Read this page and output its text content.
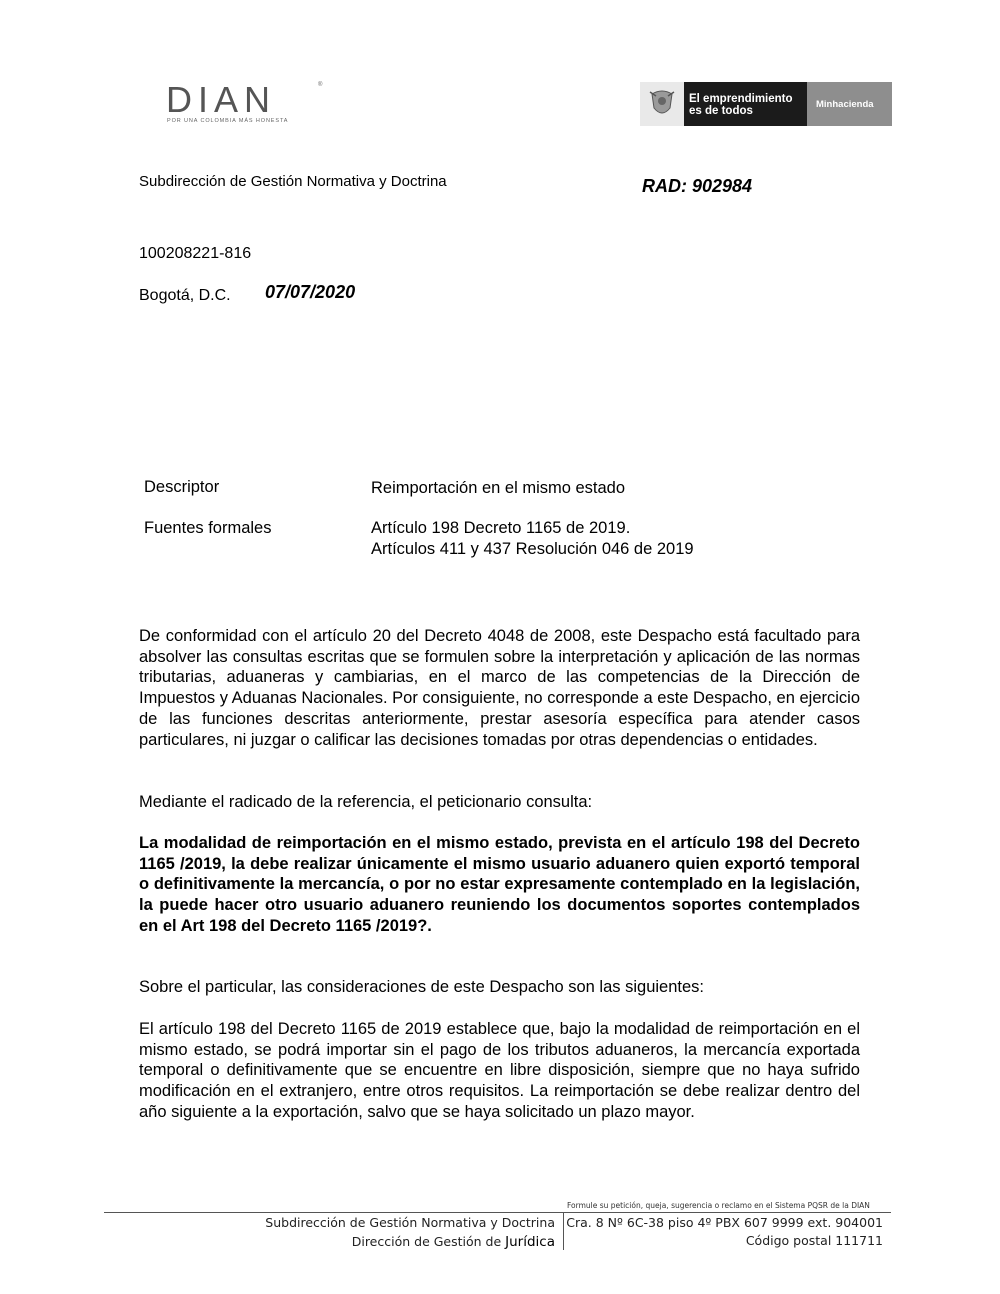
DIAN	®
POR UNA COLOMBIA MÁS HONESTA
El emprendimiento
es de todos
Minhacienda
Subdirección de Gestión Normativa y Doctrina	RAD: 902984
100208221-816
Bogotá, D.C. 07/07/2020
Descriptor	Reimportación en el mismo estado
Fuentes formales	Artículo 198 Decreto 1165 de 2019.
Artículos 411 y 437 Resolución 046 de 2019

De conformidad con el artículo 20 del Decreto 4048 de 2008, este Despacho está facultado para absolver las consultas escritas que se formulen sobre la interpretación y aplicación de las normas tributarias, aduaneras y cambiarias, en el marco de las competencias de la Dirección de Impuestos y Aduanas Nacionales. Por consiguiente, no corresponde a este Despacho, en ejercicio de las funciones descritas anteriormente, prestar asesoría específica para atender casos particulares, ni juzgar o calificar las decisiones tomadas por otras dependencias o entidades.

Mediante el radicado de la referencia, el peticionario consulta:

La modalidad de reimportación en el mismo estado, prevista en el artículo 198 del Decreto 1165 /2019, la debe realizar únicamente el mismo usuario aduanero quien exportó temporal o definitivamente la mercancía, o por no estar expresamente contemplado en la legislación, la puede hacer otro usuario aduanero reuniendo los documentos soportes contemplados en el Art 198 del Decreto 1165 /2019?.

Sobre el particular, las consideraciones de este Despacho son las siguientes:

El artículo 198 del Decreto 1165 de 2019 establece que, bajo la modalidad de reimportación en el mismo estado, se podrá importar sin el pago de los tributos aduaneros, la mercancía exportada temporal o definitivamente que se encuentre en libre disposición, siempre que no haya sufrido modificación en el extranjero, entre otros requisitos. La reimportación se debe realizar dentro del año siguiente a la exportación, salvo que se haya solicitado un plazo mayor.

Formule su petición, queja, sugerencia o reclamo en el Sistema PQSR de la DIAN
Subdirección de Gestión Normativa y Doctrina
Dirección de Gestión de Jurídica
Cra. 8 Nº 6C-38 piso 4º PBX 607 9999 ext. 904001
Código postal 111711
